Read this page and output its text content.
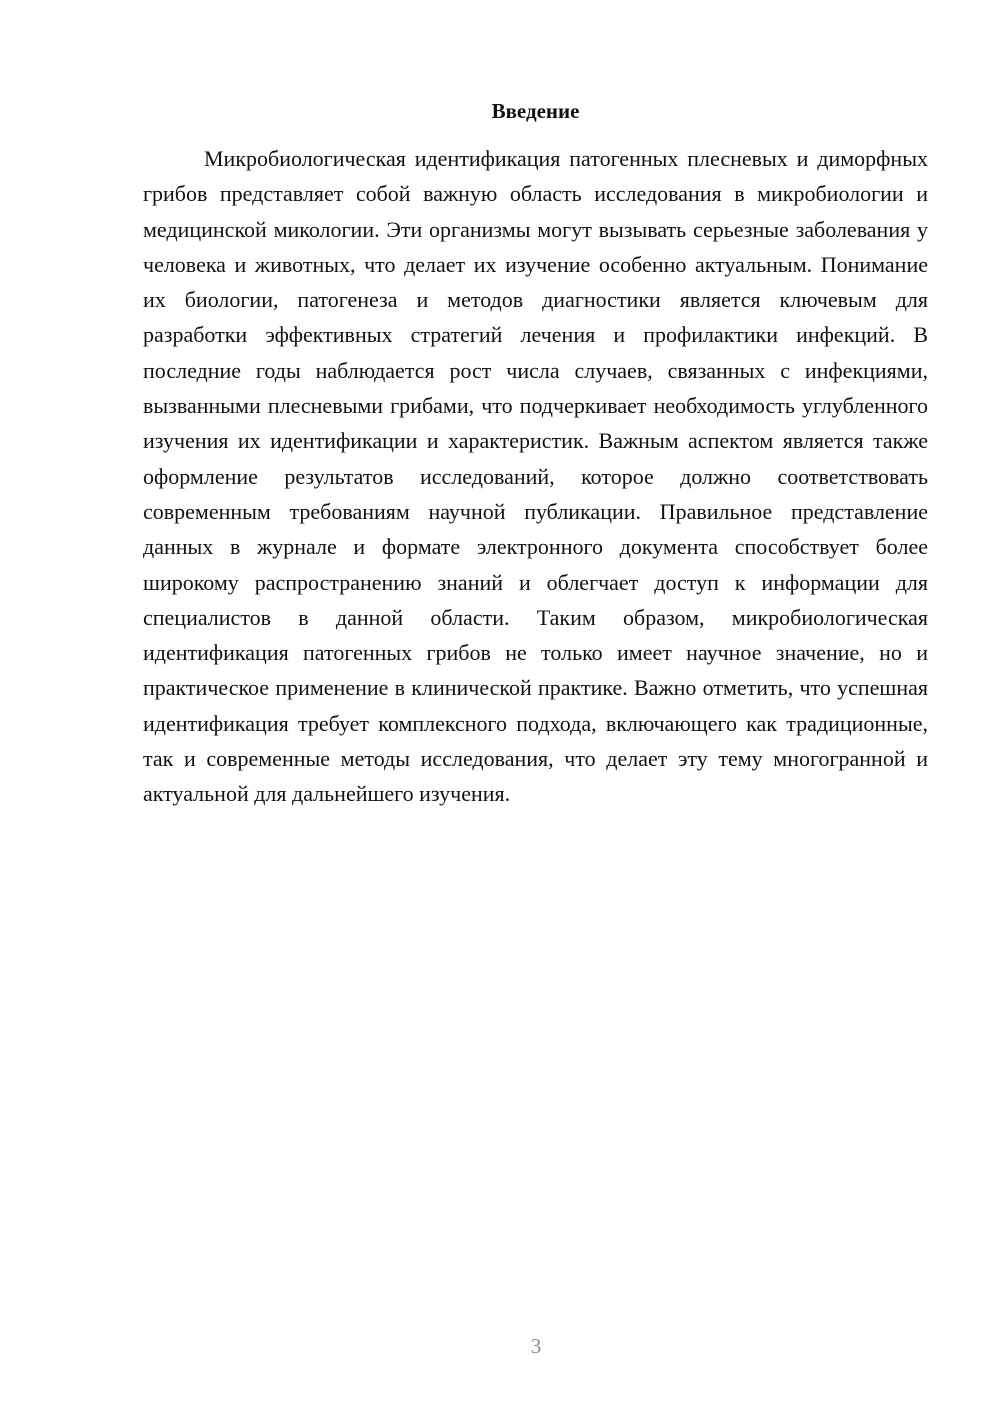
Введение

Микробиологическая идентификация патогенных плесневых и диморфных грибов представляет собой важную область исследования в микробиологии и медицинской микологии. Эти организмы могут вызывать серьезные заболевания у человека и животных, что делает их изучение особенно актуальным. Понимание их биологии, патогенеза и методов диагностики является ключевым для разработки эффективных стратегий лечения и профилактики инфекций. В последние годы наблюдается рост числа случаев, связанных с инфекциями, вызванными плесневыми грибами, что подчеркивает необходимость углубленного изучения их идентификации и характеристик. Важным аспектом является также оформление результатов исследований, которое должно соответствовать современным требованиям научной публикации. Правильное представление данных в журнале и формате электронного документа способствует более широкому распространению знаний и облегчает доступ к информации для специалистов в данной области. Таким образом, микробиологическая идентификация патогенных грибов не только имеет научное значение, но и практическое применение в клинической практике. Важно отметить, что успешная идентификация требует комплексного подхода, включающего как традиционные, так и современные методы исследования, что делает эту тему многогранной и актуальной для дальнейшего изучения.

3
